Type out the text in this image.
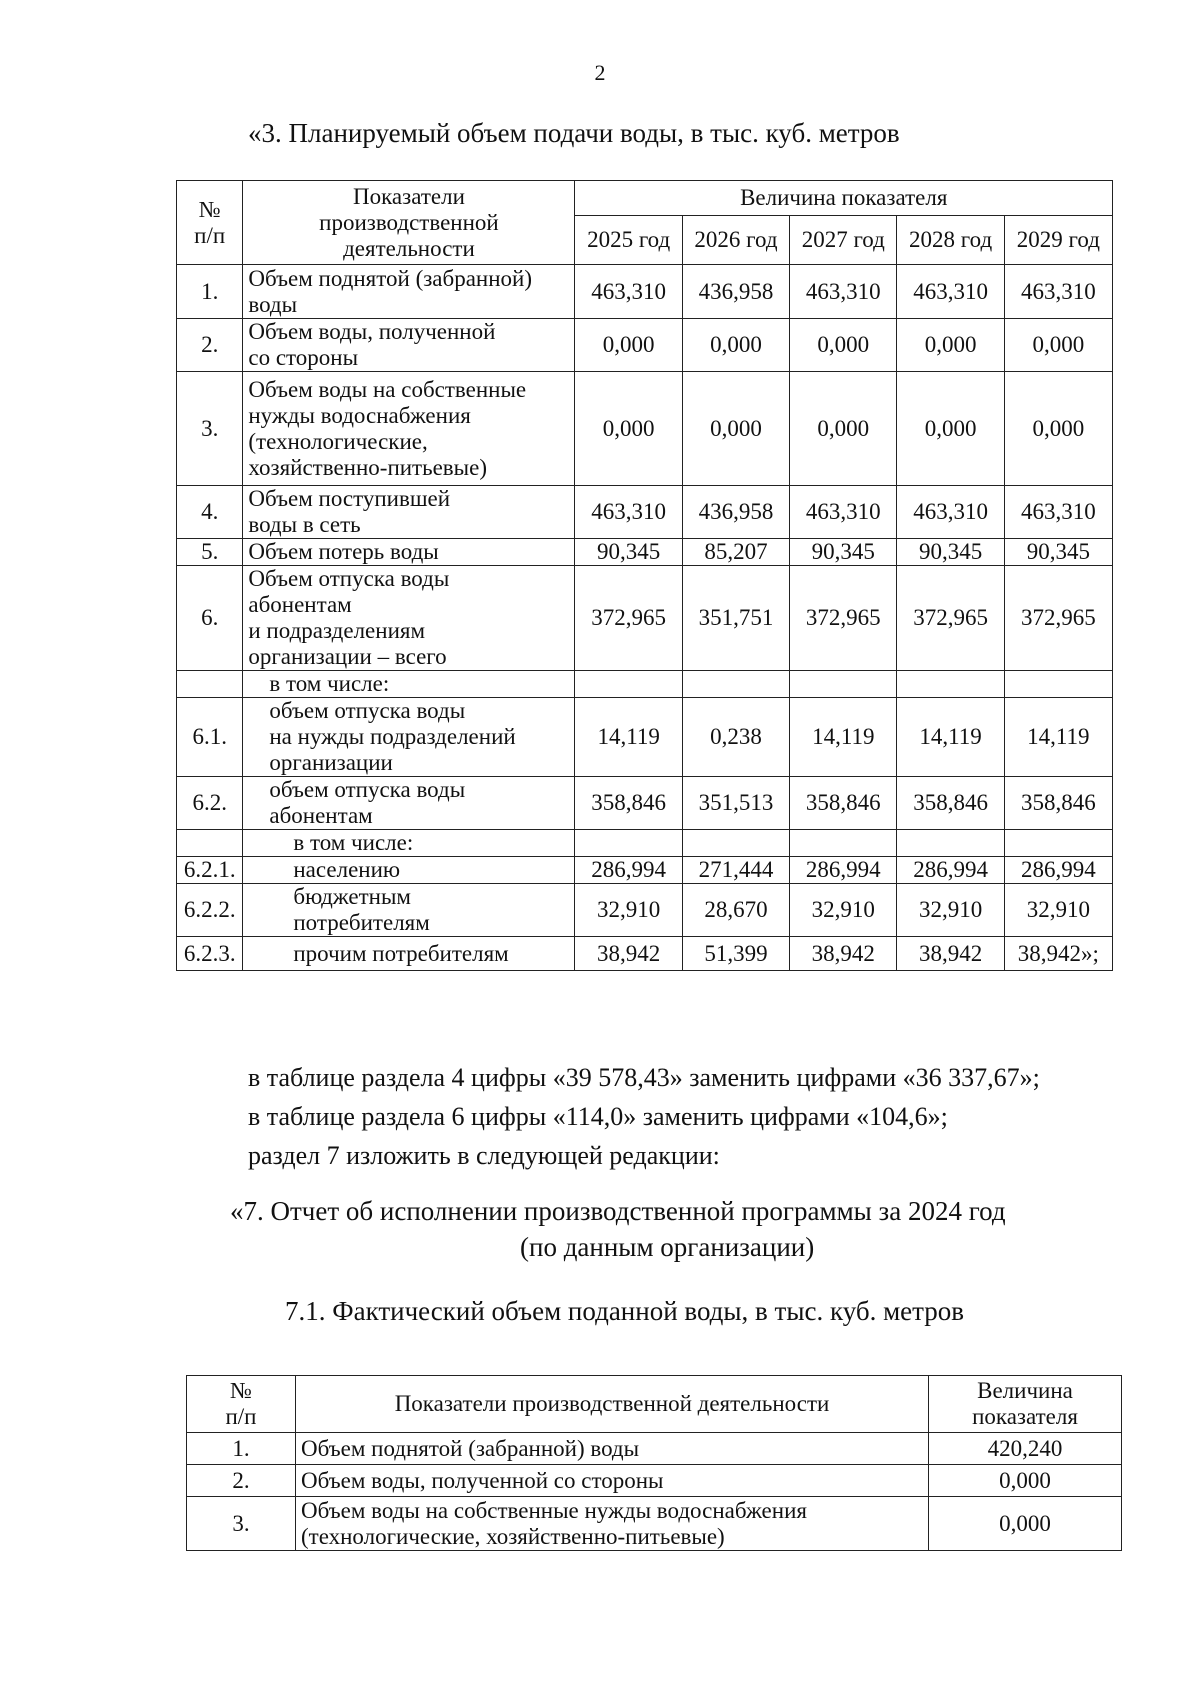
2
«3. Планируемый объем подачи воды, в тыс. куб. метров
№
п/п	Показатели
производственной
деятельности	Величина показателя				
		2025 год	2026 год	2027 год	2028 год	2029 год
1.	Объем поднятой (забранной)
воды	463,310	436,958	463,310	463,310	463,310
2.	Объем воды, полученной
со стороны	0,000	0,000	0,000	0,000	0,000
3.	Объем воды на собственные
нужды водоснабжения
(технологические,
хозяйственно-питьевые)	0,000	0,000	0,000	0,000	0,000
4.	Объем поступившей
воды в сеть	463,310	436,958	463,310	463,310	463,310
5.	Объем потерь воды	90,345	85,207	90,345	90,345	90,345
6.	Объем отпуска воды
абонентам
и подразделениям
организации – всего	372,965	351,751	372,965	372,965	372,965
	в том числе:					
6.1.	объем отпуска воды
на нужды подразделений
организации	14,119	0,238	14,119	14,119	14,119
6.2.	объем отпуска воды
абонентам	358,846	351,513	358,846	358,846	358,846
	в том числе:					
6.2.1.	населению	286,994	271,444	286,994	286,994	286,994
6.2.2.	бюджетным
потребителям	32,910	28,670	32,910	32,910	32,910
6.2.3.	прочим потребителям	38,942	51,399	38,942	38,942	38,942»;
в таблице раздела 4 цифры «39 578,43» заменить цифрами «36 337,67»;
в таблице раздела 6 цифры «114,0» заменить цифрами «104,6»;
раздел 7 изложить в следующей редакции:
«7. Отчет об исполнении производственной программы за 2024 год
(по данным организации)
7.1. Фактический объем поданной воды, в тыс. куб. метров
№
п/п	Показатели производственной деятельности	Величина
показателя
1.	Объем поднятой (забранной) воды	420,240
2.	Объем воды, полученной со стороны	0,000
3.	Объем воды на собственные нужды водоснабжения
(технологические, хозяйственно-питьевые)	0,000
